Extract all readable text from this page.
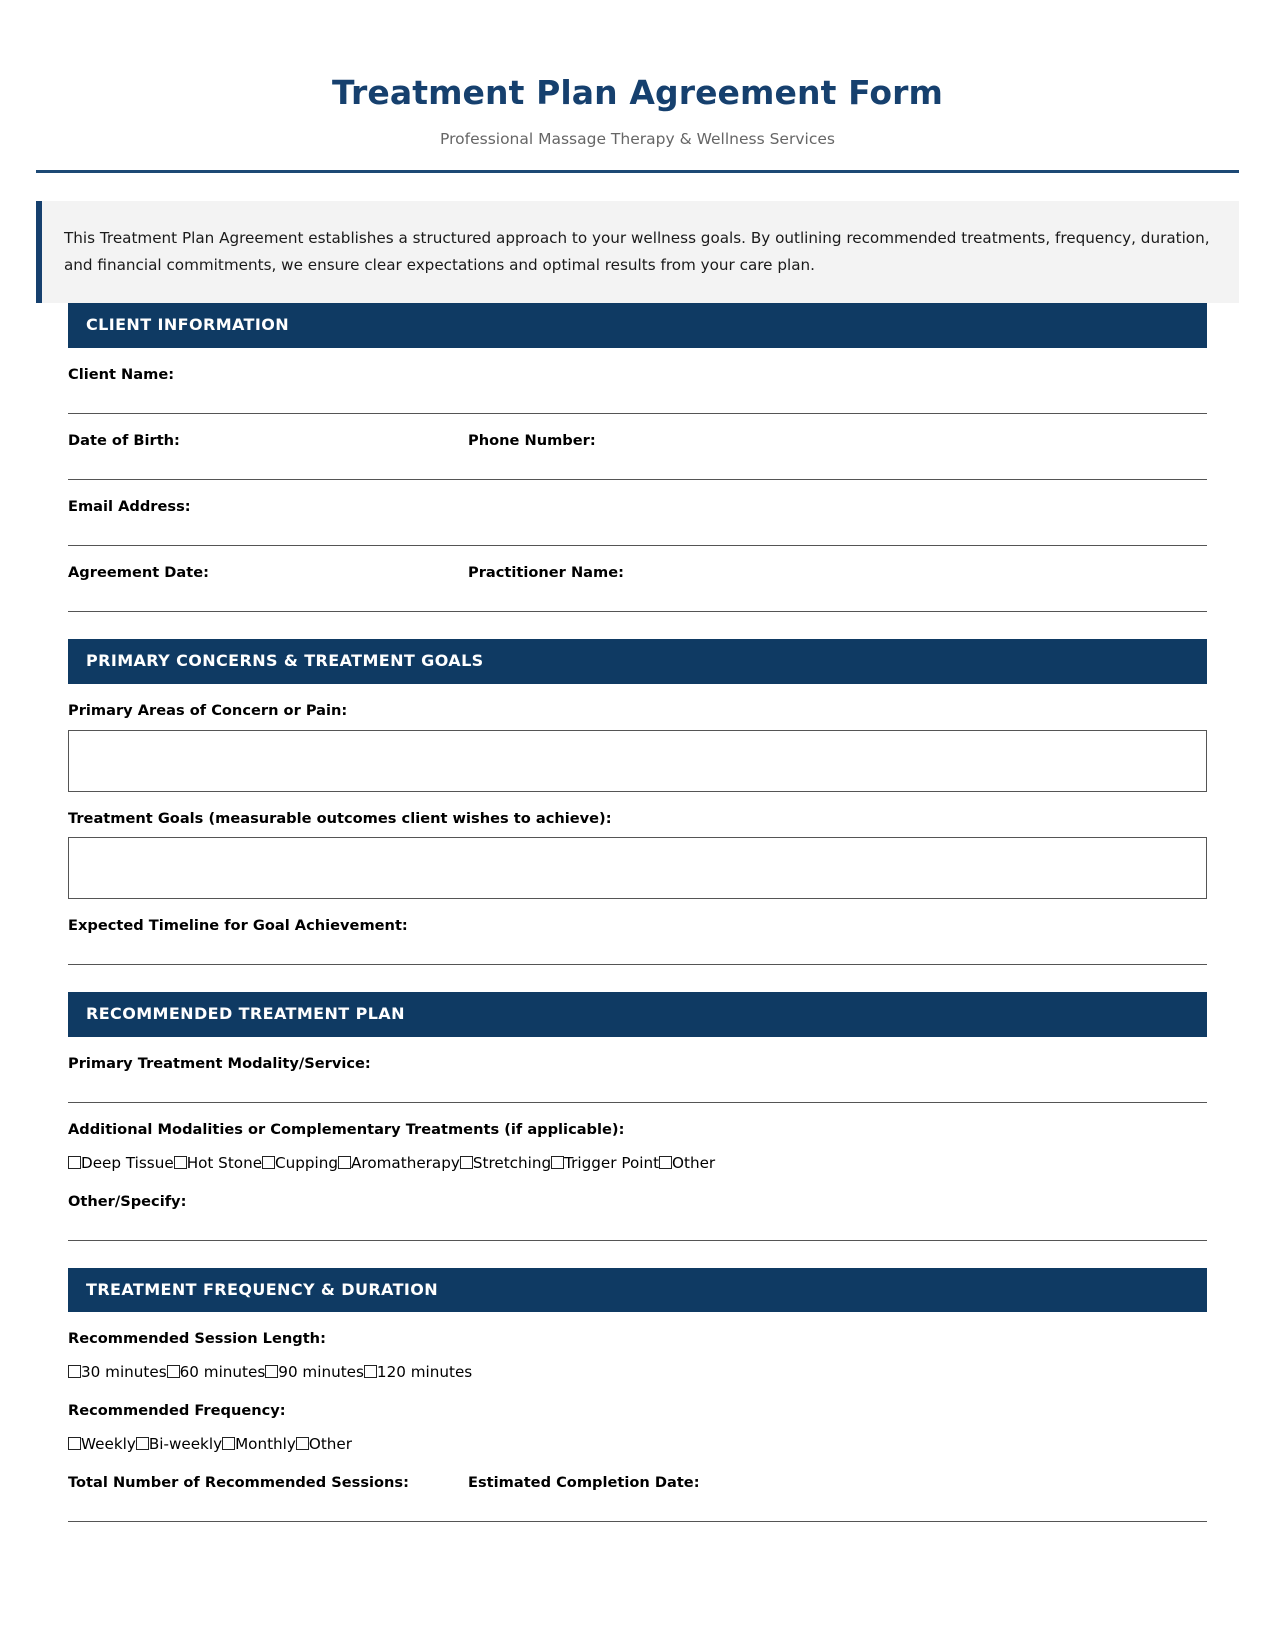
Treatment Plan Agreement Form
Professional Massage Therapy & Wellness Services

This Treatment Plan Agreement establishes a structured approach to your wellness goals. By outlining recommended treatments, frequency, duration, and financial commitments, we ensure clear expectations and optimal results from your care plan.

CLIENT INFORMATION
Client Name:
Date of Birth:	Phone Number:
Email Address:
Agreement Date:	Practitioner Name:
PRIMARY CONCERNS & TREATMENT GOALS
Primary Areas of Concern or Pain:
Treatment Goals (measurable outcomes client wishes to achieve):
Expected Timeline for Goal Achievement:
RECOMMENDED TREATMENT PLAN
Primary Treatment Modality/Service:
Additional Modalities or Complementary Treatments (if applicable):
Deep Tissue Hot Stone Cupping Aromatherapy Stretching Trigger Point Other
Other/Specify:
TREATMENT FREQUENCY & DURATION
Recommended Session Length:
30 minutes 60 minutes 90 minutes 120 minutes
Recommended Frequency:
Weekly Bi-weekly Monthly Other
Total Number of Recommended Sessions:	Estimated Completion Date:
